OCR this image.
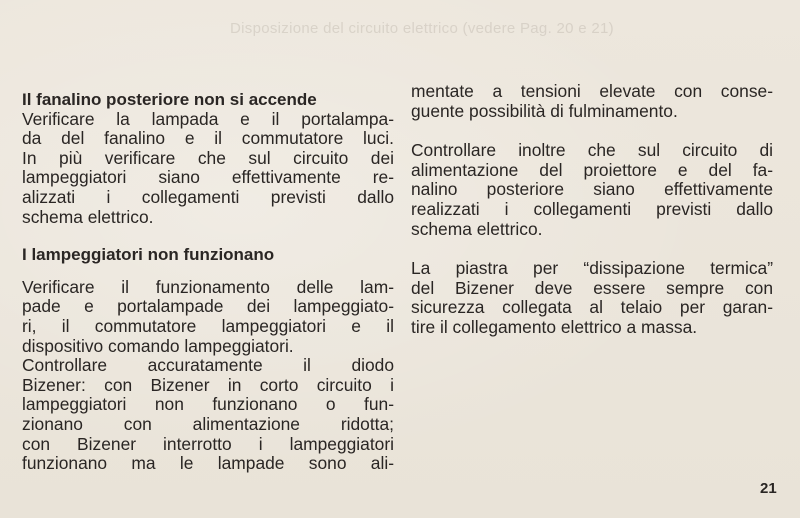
Disposizione del circuito elettrico (vedere Pag. 20 e 21)
Il fanalino posteriore non si accende
Verificare la lampada e il portalampa-
da del fanalino e il commutatore luci.
In più verificare che sul circuito dei
lampeggiatori siano effettivamente re-
alizzati i collegamenti previsti dallo
schema elettrico.
I lampeggiatori non funzionano
Verificare il funzionamento delle lam-
pade e portalampade dei lampeggiato-
ri, il commutatore lampeggiatori e il
dispositivo comando lampeggiatori.
Controllare accuratamente il diodo
Bizener: con Bizener in corto circuito i
lampeggiatori non funzionano o fun-
zionano con alimentazione ridotta;
con Bizener interrotto i lampeggiatori
funzionano ma le lampade sono ali-
mentate a tensioni elevate con conse-
guente possibilità di fulminamento.
Controllare inoltre che sul circuito di
alimentazione del proiettore e del fa-
nalino posteriore siano effettivamente
realizzati i collegamenti previsti dallo
schema elettrico.
La piastra per “dissipazione termica”
del Bizener deve essere sempre con
sicurezza collegata al telaio per garan-
tire il collegamento elettrico a massa.
21
